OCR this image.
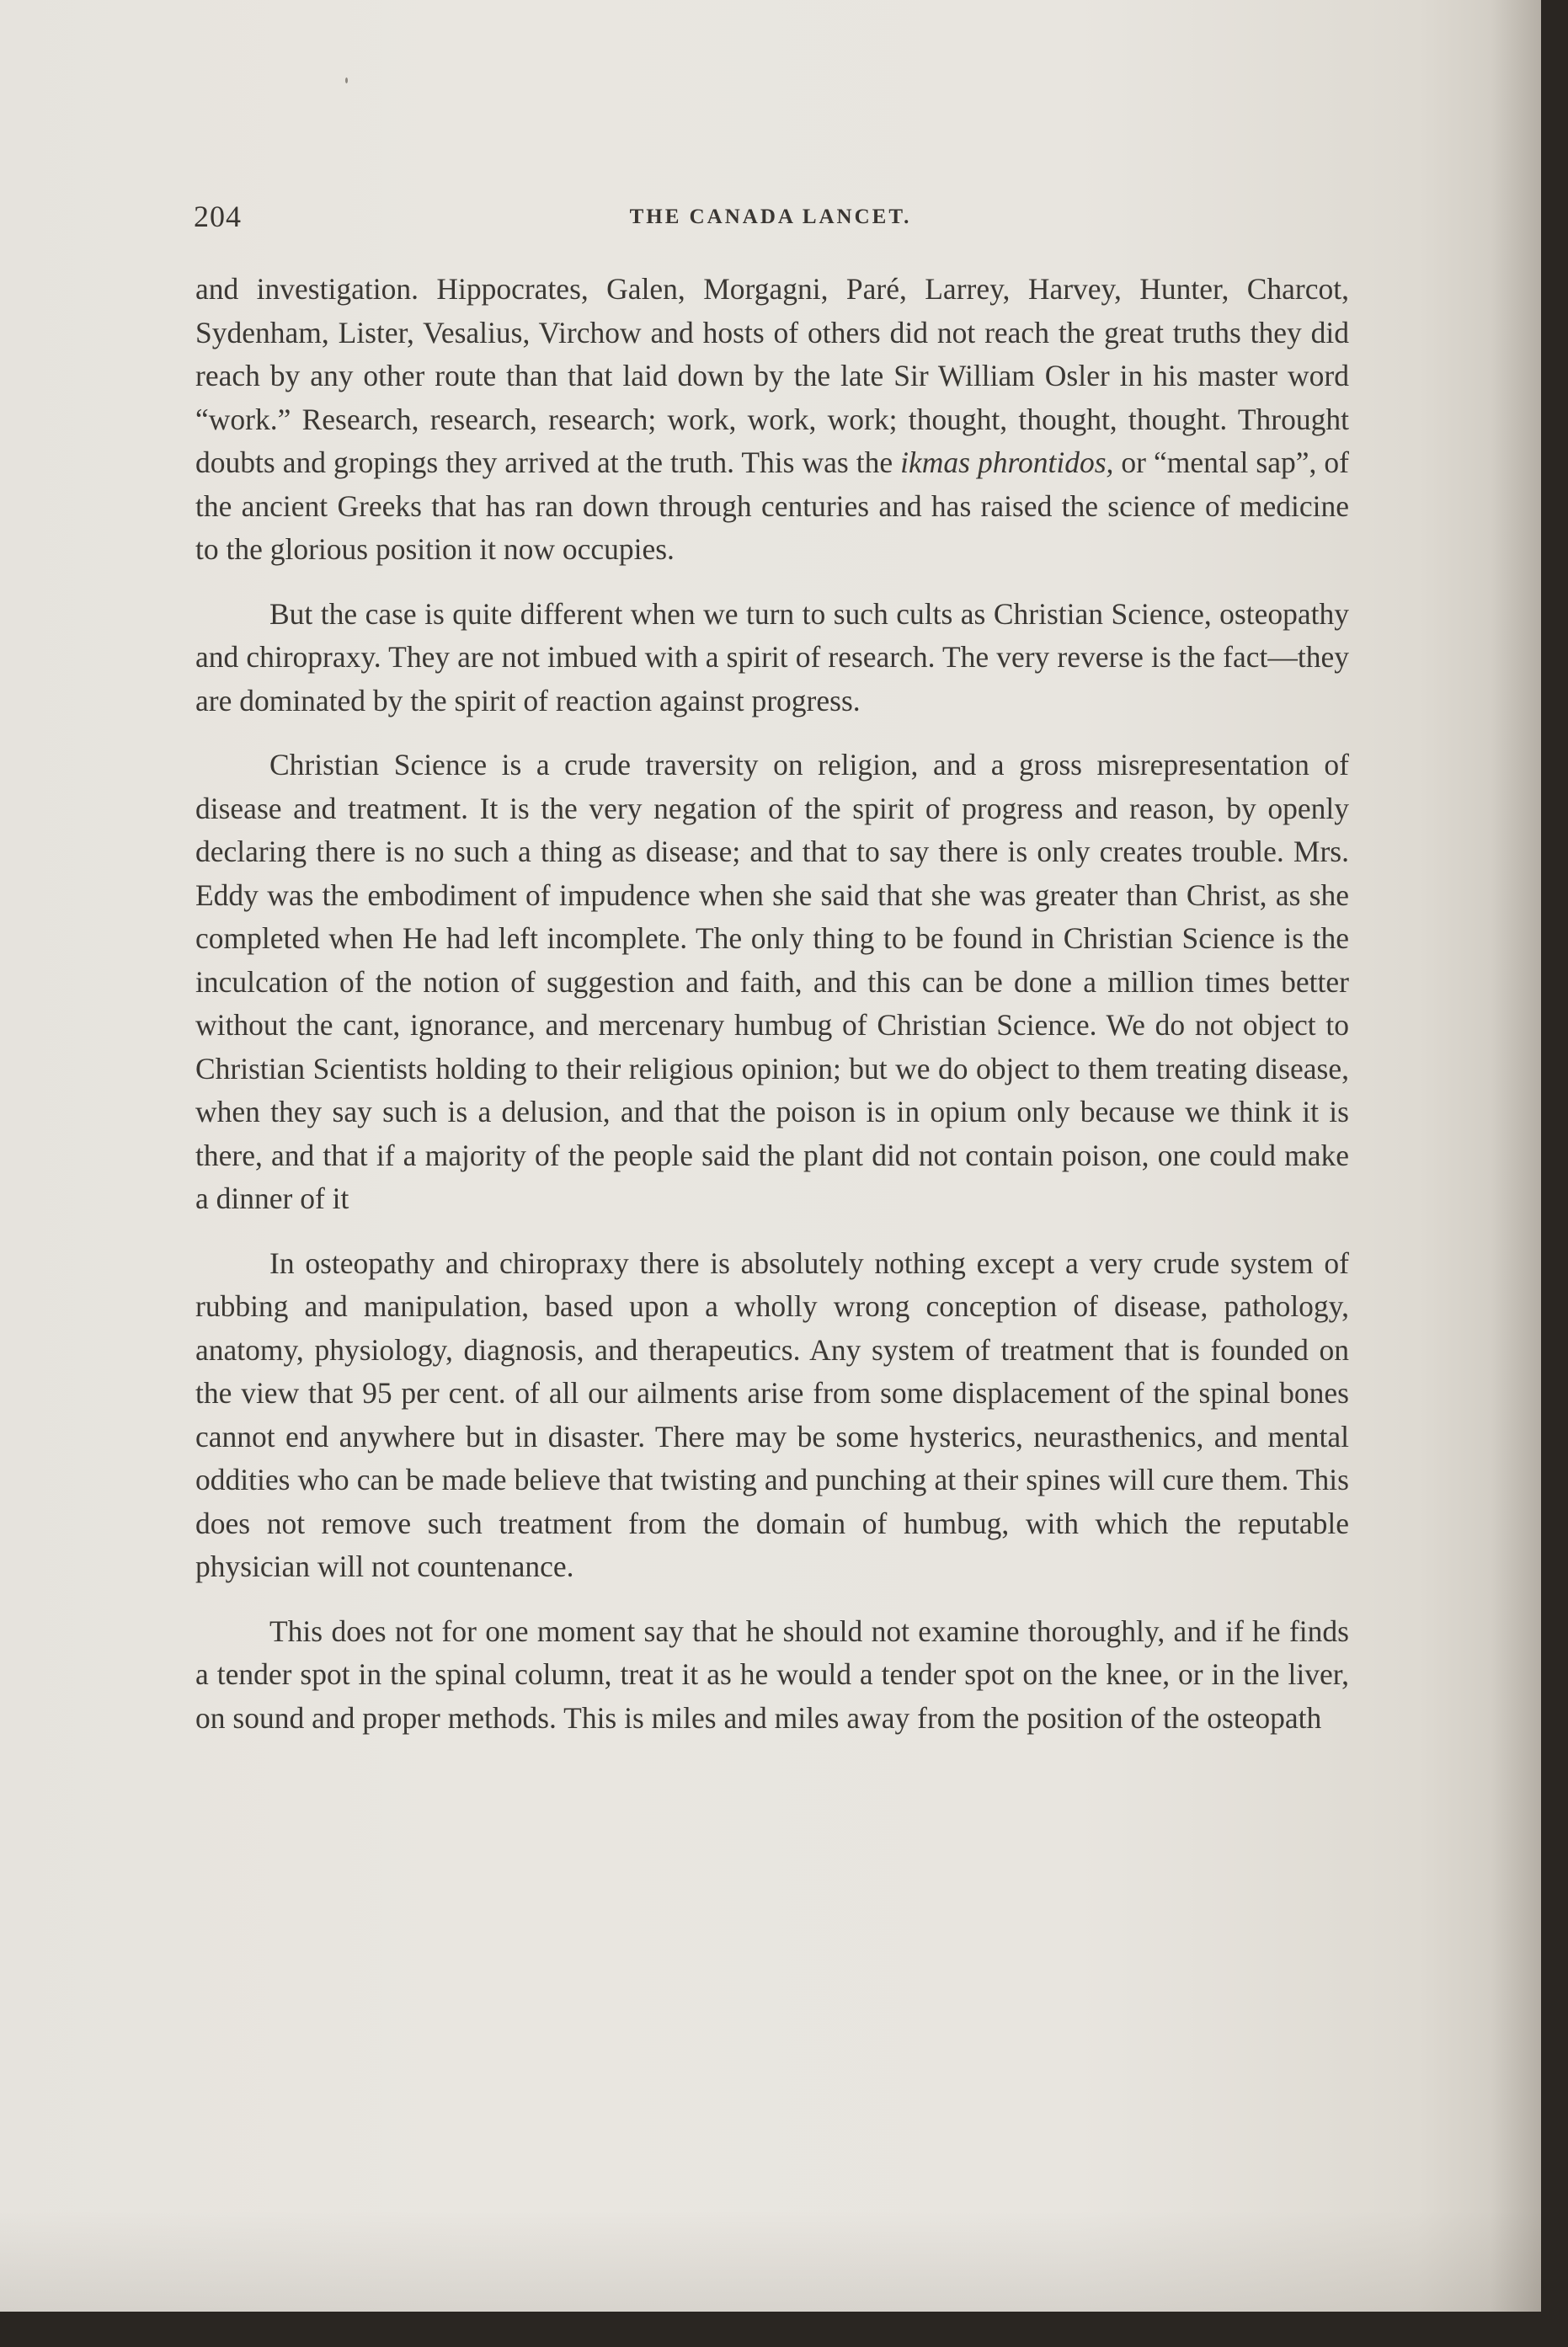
204	THE CANADA LANCET.

and investigation. Hippocrates, Galen, Morgagni, Paré, Larrey, Harvey, Hunter, Charcot, Sydenham, Lister, Vesalius, Virchow and hosts of others did not reach the great truths they did reach by any other route than that laid down by the late Sir William Osler in his master word “work.” Research, research, research; work, work, work; thought, thought, thought. Throught doubts and gropings they arrived at the truth. This was the ikmas phrontidos, or “mental sap”, of the ancient Greeks that has ran down through centuries and has raised the science of medicine to the glorious position it now occupies.

But the case is quite different when we turn to such cults as Christian Science, osteopathy and chiropraxy. They are not imbued with a spirit of research. The very reverse is the fact—they are dominated by the spirit of reaction against progress.

Christian Science is a crude traversity on religion, and a gross misrepresentation of disease and treatment. It is the very negation of the spirit of progress and reason, by openly declaring there is no such a thing as disease; and that to say there is only creates trouble. Mrs. Eddy was the embodiment of impudence when she said that she was greater than Christ, as she completed when He had left incomplete. The only thing to be found in Christian Science is the inculcation of the notion of suggestion and faith, and this can be done a million times better without the cant, ignorance, and mercenary humbug of Christian Science. We do not object to Christian Scientists holding to their religious opinion; but we do object to them treating disease, when they say such is a delusion, and that the poison is in opium only because we think it is there, and that if a majority of the people said the plant did not contain poison, one could make a dinner of it

In osteopathy and chiropraxy there is absolutely nothing except a very crude system of rubbing and manipulation, based upon a wholly wrong conception of disease, pathology, anatomy, physiology, diagnosis, and therapeutics. Any system of treatment that is founded on the view that 95 per cent. of all our ailments arise from some displacement of the spinal bones cannot end anywhere but in disaster. There may be some hysterics, neurasthenics, and mental oddities who can be made believe that twisting and punching at their spines will cure them. This does not remove such treatment from the domain of humbug, with which the reputable physician will not countenance.

This does not for one moment say that he should not examine thoroughly, and if he finds a tender spot in the spinal column, treat it as he would a tender spot on the knee, or in the liver, on sound and proper methods. This is miles and miles away from the position of the osteopath
